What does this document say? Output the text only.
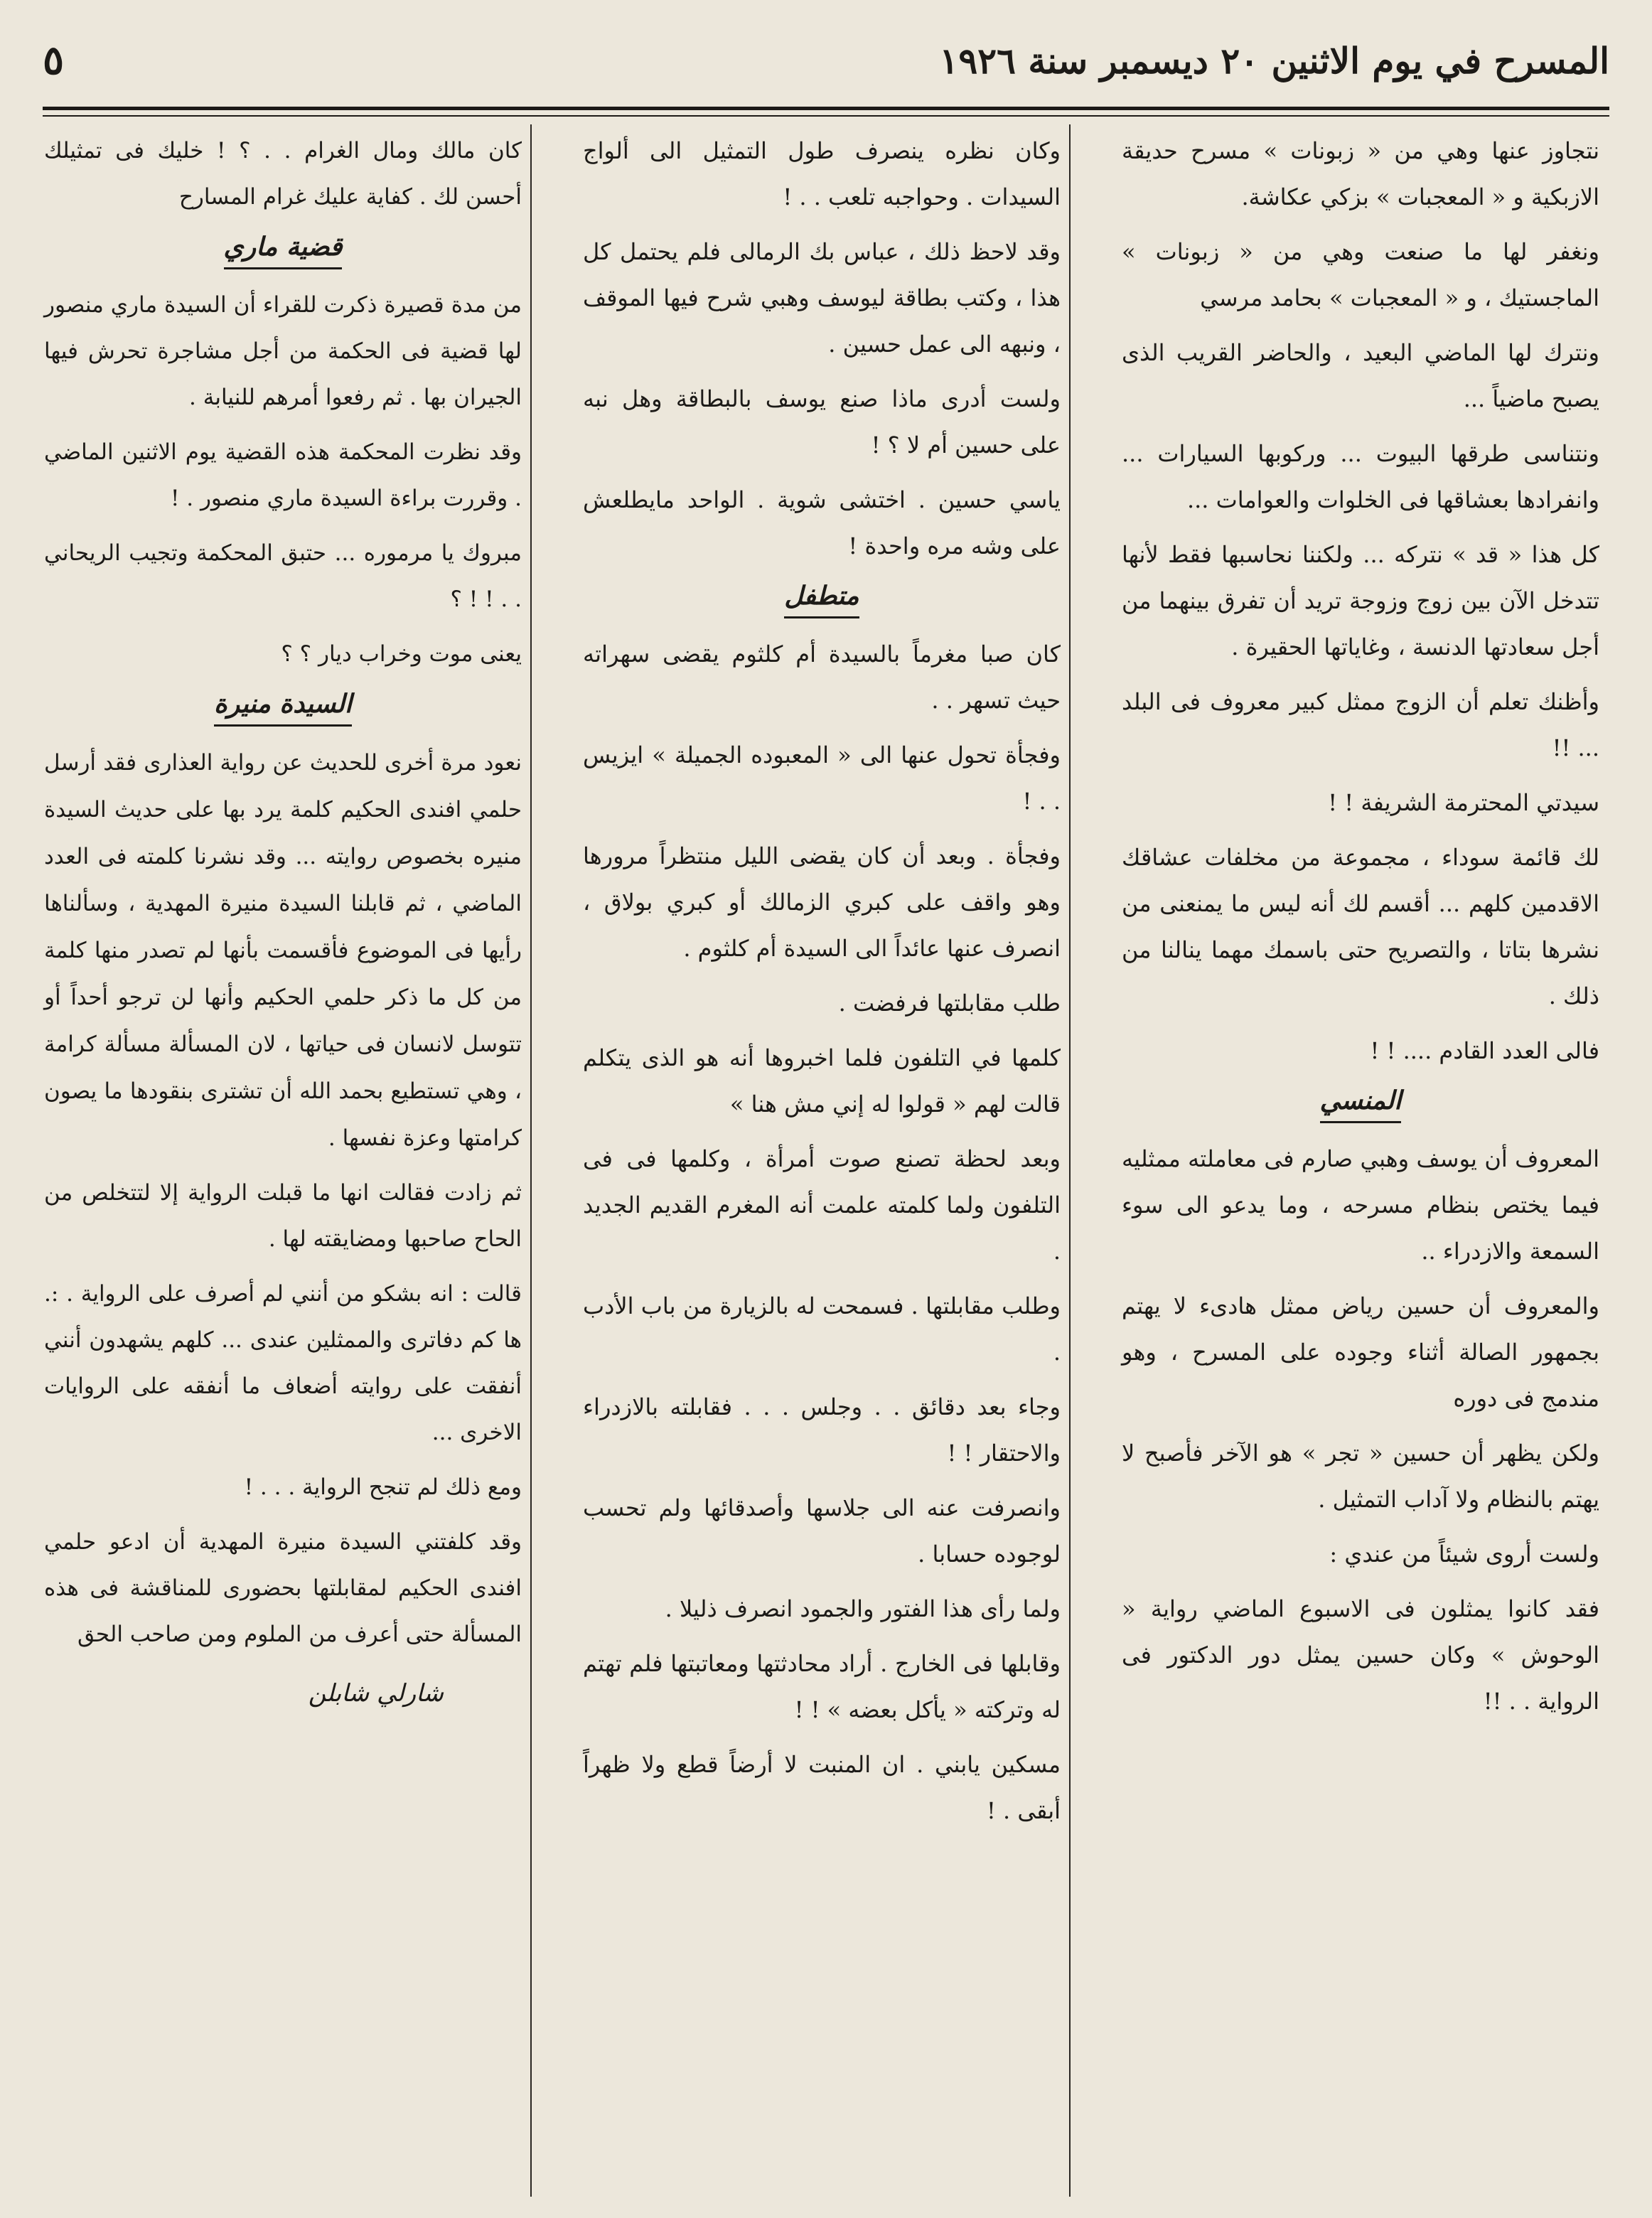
المسرح في يوم الاثنين ٢٠ ديسمبر سنة ١٩٢٦
٥

نتجاوز عنها وهي من « زبونات » مسرح حديقة الازبكية و « المعجبات » بزكي عكاشة.

ونغفر لها ما صنعت وهي من « زبونات » الماجستيك ، و « المعجبات » بحامد مرسي

ونترك لها الماضي البعيد ، والحاضر القريب الذى يصبح ماضياً ...

ونتناسى طرقها البيوت ... وركوبها السيارات ... وانفرادها بعشاقها فى الخلوات والعوامات ...

كل هذا « قد » نتركه ... ولكننا نحاسبها فقط لأنها تتدخل الآن بين زوج وزوجة تريد أن تفرق بينهما من أجل سعادتها الدنسة ، وغاياتها الحقيرة .

وأظنك تعلم أن الزوج ممثل كبير معروف فى البلد ... !!

سيدتي المحترمة الشريفة ! !

لك قائمة سوداء ، مجموعة من مخلفات عشاقك الاقدمين كلهم ... أقسم لك أنه ليس ما يمنعنى من نشرها بتاتا ، والتصريح حتى باسمك مهما ينالنا من ذلك .

فالى العدد القادم .... ! !

المنسي

المعروف أن يوسف وهبي صارم فى معاملته ممثليه فيما يختص بنظام مسرحه ، وما يدعو الى سوء السمعة والازدراء ..

والمعروف أن حسين رياض ممثل هادىء لا يهتم بجمهور الصالة أثناء وجوده على المسرح ، وهو مندمج فى دوره

ولكن يظهر أن حسين « تجر » هو الآخر فأصبح لا يهتم بالنظام ولا آداب التمثيل .

ولست أروى شيئاً من عندي :

فقد كانوا يمثلون فى الاسبوع الماضي رواية « الوحوش » وكان حسين يمثل دور الدكتور فى الرواية . . !!

وكان نظره ينصرف طول التمثيل الى ألواج السيدات . وحواجبه تلعب . . !

وقد لاحظ ذلك ، عباس بك الرمالى فلم يحتمل كل هذا ، وكتب بطاقة ليوسف وهبي شرح فيها الموقف ، ونبهه الى عمل حسين .

ولست أدرى ماذا صنع يوسف بالبطاقة وهل نبه على حسين أم لا ؟ !

ياسي حسين . اختشى شوية . الواحد مايطلعش على وشه مره واحدة !

متطفل

كان صبا مغرماً بالسيدة أم كلثوم يقضى سهراته حيث تسهر . .

وفجأة تحول عنها الى « المعبوده الجميلة » ايزيس . . !

وفجأة . وبعد أن كان يقضى الليل منتظراً مرورها وهو واقف على كبري الزمالك أو كبري بولاق ، انصرف عنها عائداً الى السيدة أم كلثوم .

طلب مقابلتها فرفضت .

كلمها في التلفون فلما اخبروها أنه هو الذى يتكلم قالت لهم « قولوا له إني مش هنا »

وبعد لحظة تصنع صوت أمرأة ، وكلمها فى فى التلفون ولما كلمته علمت أنه المغرم القديم الجديد .

وطلب مقابلتها . فسمحت له بالزيارة من باب الأدب .

وجاء بعد دقائق . . وجلس . . . فقابلته بالازدراء والاحتقار ! !

وانصرفت عنه الى جلاسها وأصدقائها ولم تحسب لوجوده حسابا .

ولما رأى هذا الفتور والجمود انصرف ذليلا .

وقابلها فى الخارج . أراد محادثتها ومعاتبتها فلم تهتم له وتركته « يأكل بعضه » ! !

مسكين يابني . ان المنبت لا أرضاً قطع ولا ظهراً أبقى . !

كان مالك ومال الغرام . . ؟ ! خليك فى تمثيلك أحسن لك . كفاية عليك غرام المسارح

قضية ماري

من مدة قصيرة ذكرت للقراء أن السيدة ماري منصور لها قضية فى الحكمة من أجل مشاجرة تحرش فيها الجيران بها . ثم رفعوا أمرهم للنيابة .

وقد نظرت المحكمة هذه القضية يوم الاثنين الماضي . وقررت براءة السيدة ماري منصور . !

مبروك يا مرموره ... حتبق المحكمة وتجيب الريحاني . . ! ! ؟

يعنى موت وخراب ديار ؟ ؟

السيدة منيرة

نعود مرة أخرى للحديث عن رواية العذارى فقد أرسل حلمي افندى الحكيم كلمة يرد بها على حديث السيدة منيره بخصوص روايته ... وقد نشرنا كلمته فى العدد الماضي ، ثم قابلنا السيدة منيرة المهدية ، وسألناها رأيها فى الموضوع فأقسمت بأنها لم تصدر منها كلمة من كل ما ذكر حلمي الحكيم وأنها لن ترجو أحداً أو تتوسل لانسان فى حياتها ، لان المسألة مسألة كرامة ، وهي تستطيع بحمد الله أن تشترى بنقودها ما يصون كرامتها وعزة نفسها .

ثم زادت فقالت انها ما قبلت الرواية إلا لتتخلص من الحاح صاحبها ومضايقته لها .

قالت : انه بشكو من أنني لم أصرف على الرواية . :. ها كم دفاترى والممثلين عندى ... كلهم يشهدون أنني أنفقت على روايته أضعاف ما أنفقه على الروايات الاخرى ...

ومع ذلك لم تنجح الرواية . . . !

وقد كلفتني السيدة منيرة المهدية أن ادعو حلمي افندى الحكيم لمقابلتها بحضورى للمناقشة فى هذه المسألة حتى أعرف من الملوم ومن صاحب الحق

شارلي شابلن
